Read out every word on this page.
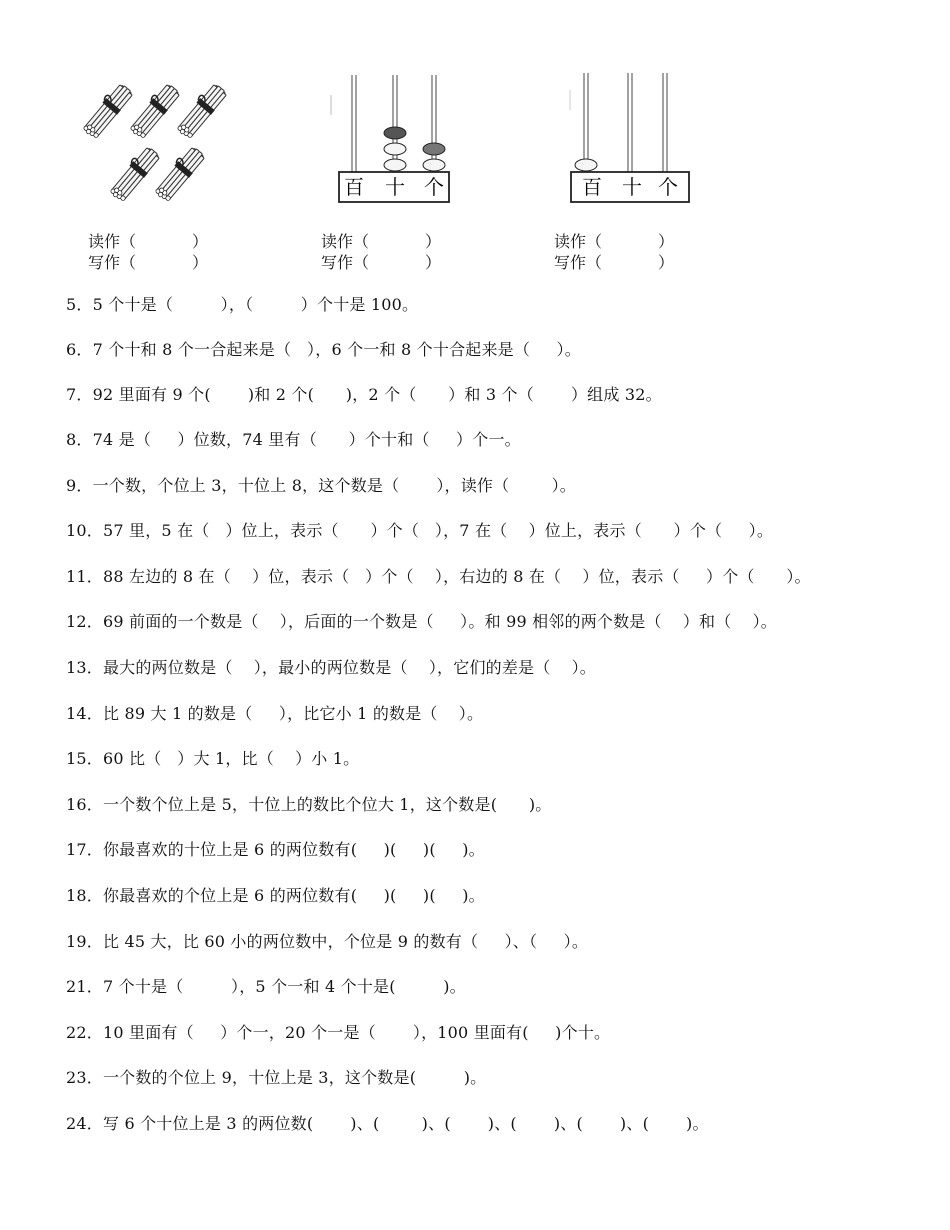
百 十 个	百 十 个
读作（           ）
写作（           ）
读作（           ）
写作（           ）
读作（           ）
写作（           ）
5．5 个十是（         ），（         ）个十是 100。
6．7 个十和 8 个一合起来是（   ），6 个一和 8 个十合起来是（     ）。
7．92 里面有 9 个(       )和 2 个(      )，2 个（      ）和 3 个（       ）组成 32。
8．74 是（     ）位数，74 里有（      ）个十和（     ）个一。
9．一个数，个位上 3，十位上 8，这个数是（       ），读作（        ）。
10．57 里，5 在（   ）位上，表示（      ）个（   ），7 在（    ）位上，表示（      ）个（     ）。
11．88 左边的 8 在（    ）位，表示（   ）个（    ），右边的 8 在（    ）位，表示（     ）个（      ）。
12．69 前面的一个数是（    ），后面的一个数是（     ）。和 99 相邻的两个数是（    ）和（    ）。
13．最大的两位数是（    ），最小的两位数是（    ），它们的差是（    ）。
14．比 89 大 1 的数是（     ），比它小 1 的数是（    ）。
15．60 比（   ）大 1，比（    ）小 1。
16．一个数个位上是 5，十位上的数比个位大 1，这个数是(      )。
17．你最喜欢的十位上是 6 的两位数有(     )(     )(     )。
18．你最喜欢的个位上是 6 的两位数有(     )(     )(     )。
19．比 45 大，比 60 小的两位数中，个位是 9 的数有（     ）、（     ）。
21．7 个十是（         ），5 个一和 4 个十是(         )。
22．10 里面有（     ）个一，20 个一是（       ），100 里面有(     )个十。
23．一个数的个位上 9，十位上是 3，这个数是(         )。
24．写 6 个十位上是 3 的两位数(       )、(        )、(       )、(       )、(       )、(       )。
